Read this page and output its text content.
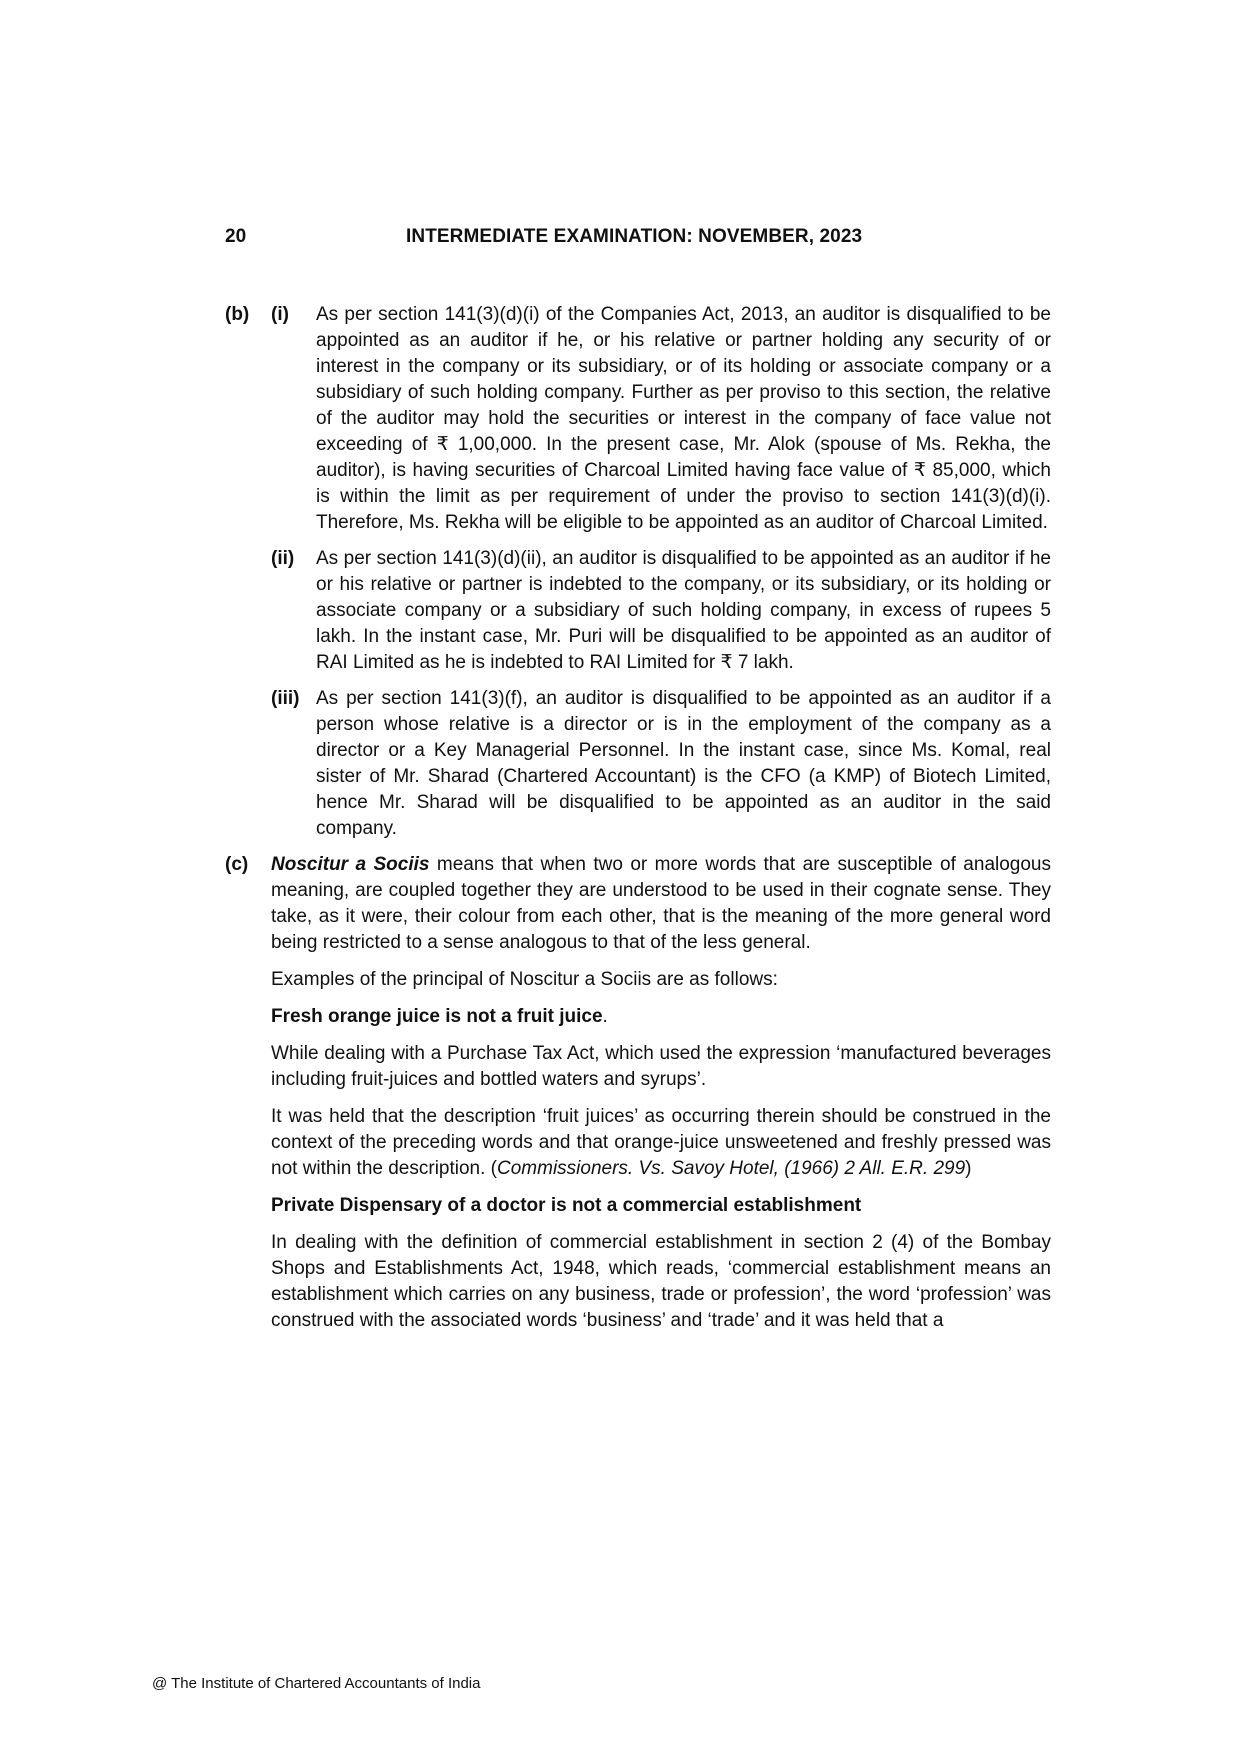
20	INTERMEDIATE EXAMINATION: NOVEMBER, 2023
(b)	(i)	As per section 141(3)(d)(i) of the Companies Act, 2013, an auditor is disqualified to be appointed as an auditor if he, or his relative or partner holding any security of or interest in the company or its subsidiary, or of its holding or associate company or a subsidiary of such holding company. Further as per proviso to this section, the relative of the auditor may hold the securities or interest in the company of face value not exceeding of ₹ 1,00,000. In the present case, Mr. Alok (spouse of Ms. Rekha, the auditor), is having securities of Charcoal Limited having face value of ₹ 85,000, which is within the limit as per requirement of under the proviso to section 141(3)(d)(i). Therefore, Ms. Rekha will be eligible to be appointed as an auditor of Charcoal Limited.
(ii)	As per section 141(3)(d)(ii), an auditor is disqualified to be appointed as an auditor if he or his relative or partner is indebted to the company, or its subsidiary, or its holding or associate company or a subsidiary of such holding company, in excess of rupees 5 lakh. In the instant case, Mr. Puri will be disqualified to be appointed as an auditor of RAI Limited as he is indebted to RAI Limited for ₹ 7 lakh.
(iii) As per section 141(3)(f), an auditor is disqualified to be appointed as an auditor if a person whose relative is a director or is in the employment of the company as a director or a Key Managerial Personnel. In the instant case, since Ms. Komal, real sister of Mr. Sharad (Chartered Accountant) is the CFO (a KMP) of Biotech Limited, hence Mr. Sharad will be disqualified to be appointed as an auditor in the said company.
(c)	Noscitur a Sociis means that when two or more words that are susceptible of analogous meaning, are coupled together they are understood to be used in their cognate sense. They take, as it were, their colour from each other, that is the meaning of the more general word being restricted to a sense analogous to that of the less general.
Examples of the principal of Noscitur a Sociis are as follows:
Fresh orange juice is not a fruit juice.
While dealing with a Purchase Tax Act, which used the expression ‘manufactured beverages including fruit-juices and bottled waters and syrups’.
It was held that the description ‘fruit juices’ as occurring therein should be construed in the context of the preceding words and that orange-juice unsweetened and freshly pressed was not within the description. (Commissioners. Vs. Savoy Hotel, (1966) 2 All. E.R. 299)
Private Dispensary of a doctor is not a commercial establishment
In dealing with the definition of commercial establishment in section 2 (4) of the Bombay Shops and Establishments Act, 1948, which reads, ‘commercial establishment means an establishment which carries on any business, trade or profession’, the word ‘profession’ was construed with the associated words ‘business’ and ‘trade’ and it was held that a
@ The Institute of Chartered Accountants of India
